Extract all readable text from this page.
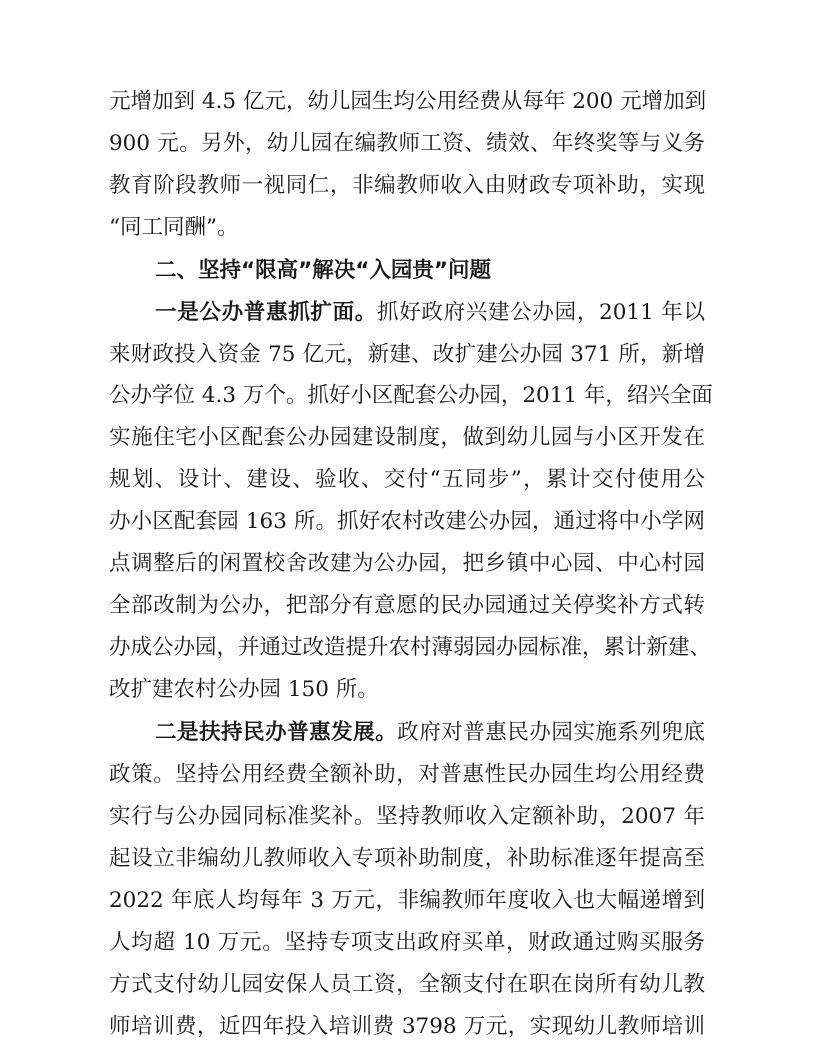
元增加到 4.5 亿元，幼儿园生均公用经费从每年 200 元增加到
900 元。另外，幼儿园在编教师工资、绩效、年终奖等与义务
教育阶段教师一视同仁，非编教师收入由财政专项补助，实现
“同工同酬”。
二、坚持“限高”解决“入园贵”问题
一是公办普惠抓扩面。抓好政府兴建公办园，2011 年以
来财政投入资金 75 亿元，新建、改扩建公办园 371 所，新增
公办学位 4.3 万个。抓好小区配套公办园，2011 年，绍兴全面
实施住宅小区配套公办园建设制度，做到幼儿园与小区开发在
规划、设计、建设、验收、交付“五同步”，累计交付使用公
办小区配套园 163 所。抓好农村改建公办园，通过将中小学网
点调整后的闲置校舍改建为公办园，把乡镇中心园、中心村园
全部改制为公办，把部分有意愿的民办园通过关停奖补方式转
办成公办园，并通过改造提升农村薄弱园办园标准，累计新建、
改扩建农村公办园 150 所。
二是扶持民办普惠发展。政府对普惠民办园实施系列兜底
政策。坚持公用经费全额补助，对普惠性民办园生均公用经费
实行与公办园同标准奖补。坚持教师收入定额补助，2007 年
起设立非编幼儿教师收入专项补助制度，补助标准逐年提高至
2022 年底人均每年 3 万元，非编教师年度收入也大幅递增到
人均超 10 万元。坚持专项支出政府买单，财政通过购买服务
方式支付幼儿园安保人员工资，全额支付在职在岗所有幼儿教
师培训费，近四年投入培训费 3798 万元，实现幼儿教师培训
